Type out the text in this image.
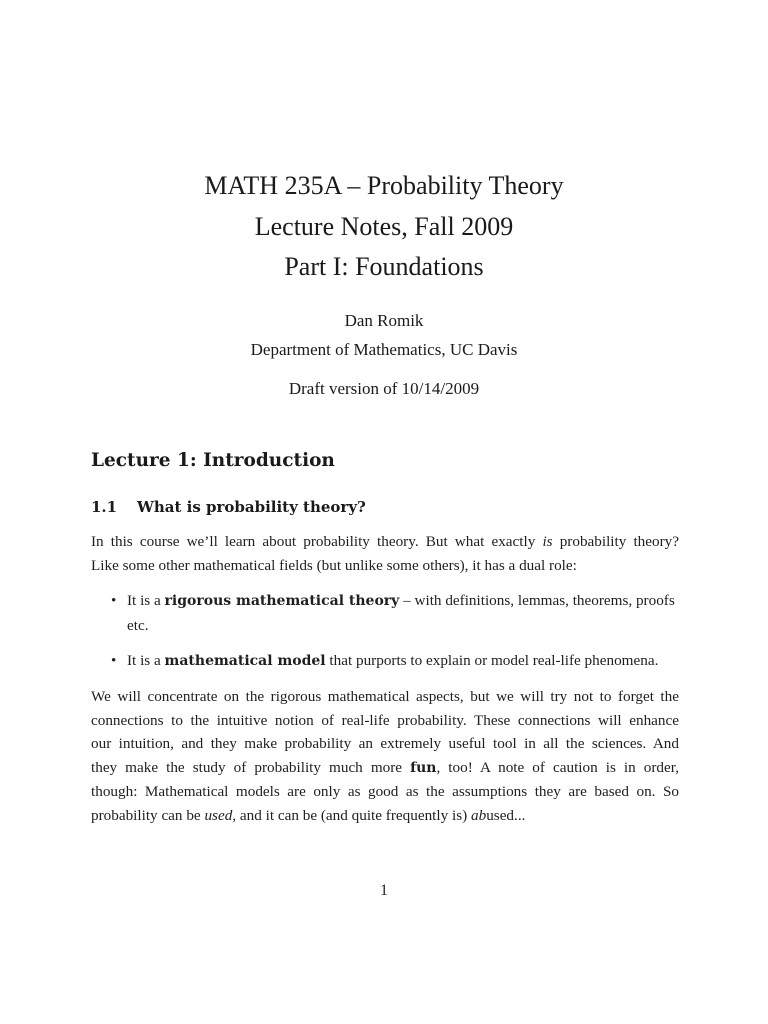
MATH 235A – Probability Theory
Lecture Notes, Fall 2009
Part I: Foundations
Dan Romik
Department of Mathematics, UC Davis
Draft version of 10/14/2009
Lecture 1: Introduction
1.1 What is probability theory?
In this course we’ll learn about probability theory. But what exactly is probability theory?
Like some other mathematical fields (but unlike some others), it has a dual role:
• It is a rigorous mathematical theory – with definitions, lemmas, theorems, proofs
etc.
• It is a mathematical model that purports to explain or model real-life phenomena.
We will concentrate on the rigorous mathematical aspects, but we will try not to forget the
connections to the intuitive notion of real-life probability. These connections will enhance
our intuition, and they make probability an extremely useful tool in all the sciences. And
they make the study of probability much more fun, too! A note of caution is in order,
though: Mathematical models are only as good as the assumptions they are based on. So
probability can be used, and it can be (and quite frequently is) abused...
1
